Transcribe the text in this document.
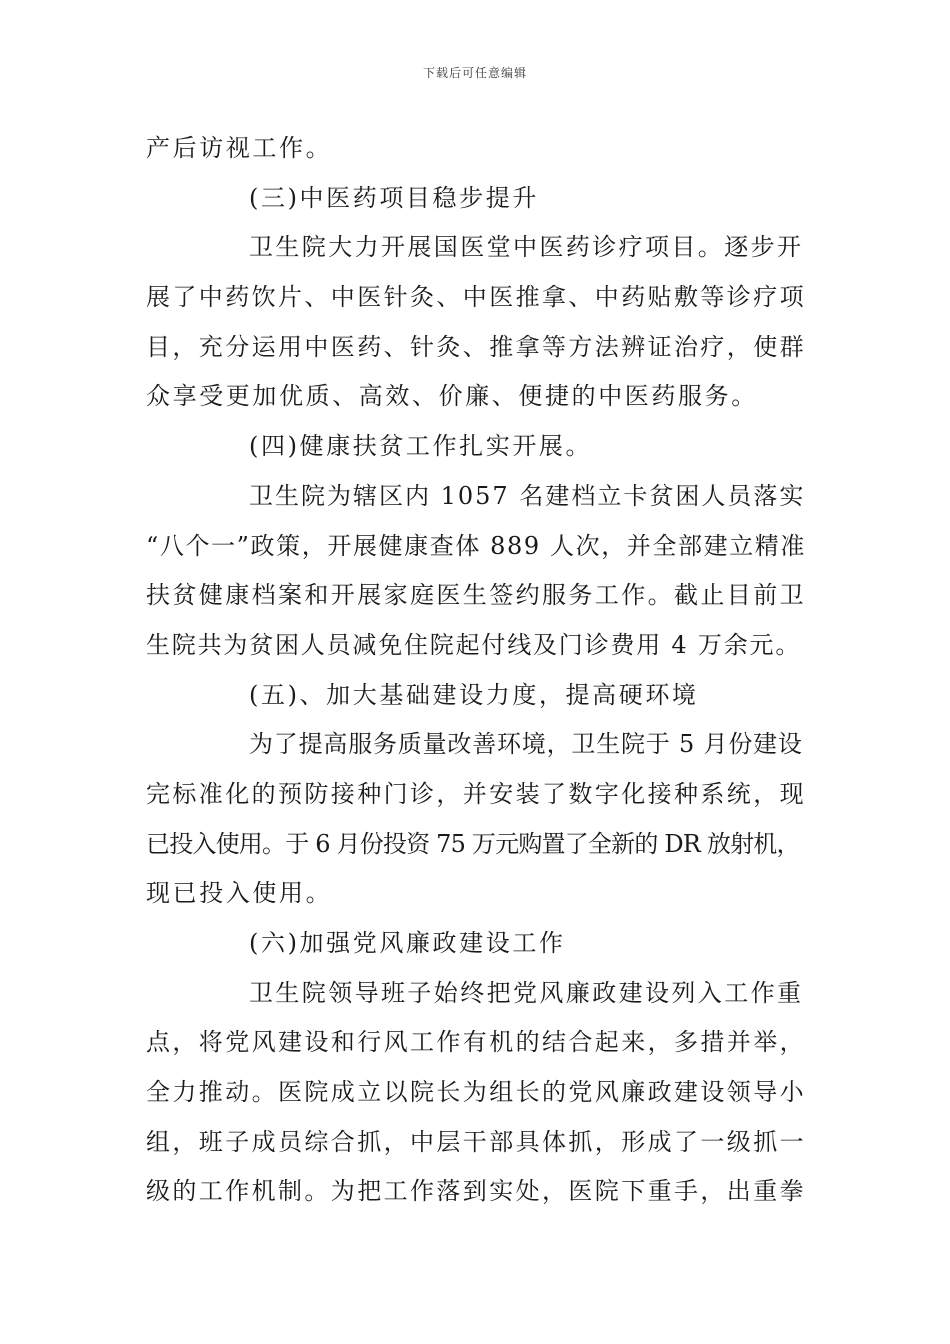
下载后可任意编辑
产后访视工作。
(三)中医药项目稳步提升
卫生院大力开展国医堂中医药诊疗项目。逐步开
展了中药饮片、中医针灸、中医推拿、中药贴敷等诊疗项
目，充分运用中医药、针灸、推拿等方法辨证治疗，使群
众享受更加优质、高效、价廉、便捷的中医药服务。
(四)健康扶贫工作扎实开展。
卫生院为辖区内 1057 名建档立卡贫困人员落实
“八个一”政策，开展健康查体 889 人次，并全部建立精准
扶贫健康档案和开展家庭医生签约服务工作。截止目前卫
生院共为贫困人员减免住院起付线及门诊费用 4 万余元。
(五)、加大基础建设力度，提高硬环境
为了提高服务质量改善环境，卫生院于 5 月份建设
完标准化的预防接种门诊，并安装了数字化接种系统，现
已投入使用。于 6 月份投资 75 万元购置了全新的 DR 放射机，
现已投入使用。
(六)加强党风廉政建设工作
卫生院领导班子始终把党风廉政建设列入工作重
点，将党风建设和行风工作有机的结合起来，多措并举，
全力推动。医院成立以院长为组长的党风廉政建设领导小
组，班子成员综合抓，中层干部具体抓，形成了一级抓一
级的工作机制。为把工作落到实处，医院下重手，出重拳
